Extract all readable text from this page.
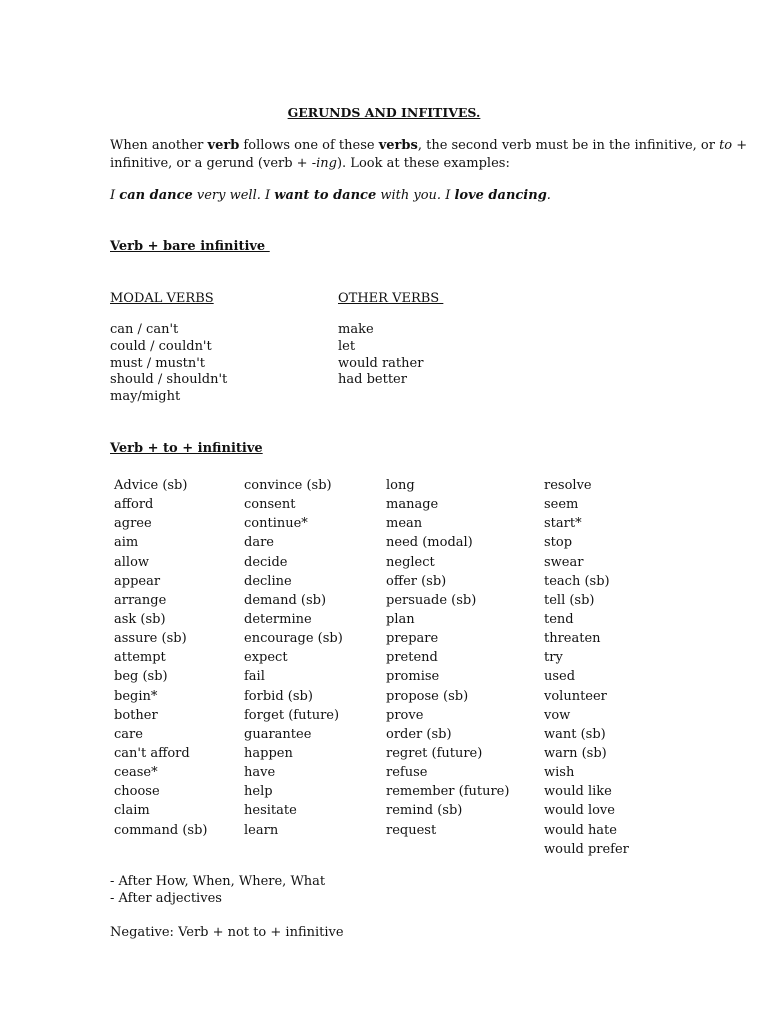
GERUNDS AND INFITIVES.
When another verb follows one of these verbs, the second verb must be in the infinitive, or to +
infinitive, or a gerund (verb + -ing). Look at these examples:
I can dance very well. I want to dance with you. I love dancing.
Verb + bare infinitive
MODAL VERBS	OTHER VERBS
can / can't
could / couldn't
must / mustn't
should / shouldn't
may/might
make
let
would rather
had better
Verb + to + infinitive
Advice (sb)
afford
agree
aim
allow
appear
arrange
ask (sb)
assure (sb)
attempt
beg (sb)
begin*
bother
care
can't afford
cease*
choose
claim
command (sb)
convince (sb)
consent
continue*
dare
decide
decline
demand (sb)
determine
encourage (sb)
expect
fail
forbid (sb)
forget (future)
guarantee
happen
have
help
hesitate
learn
long
manage
mean
need (modal)
neglect
offer (sb)
persuade (sb)
plan
prepare
pretend
promise
propose (sb)
prove
order (sb)
regret (future)
refuse
remember (future)
remind (sb)
request
resolve
seem
start*
stop
swear
teach (sb)
tell (sb)
tend
threaten
try
used
volunteer
vow
want (sb)
warn (sb)
wish
would like
would love
would hate
would prefer
- After How, When, Where, What
- After adjectives
Negative: Verb + not to + infinitive
